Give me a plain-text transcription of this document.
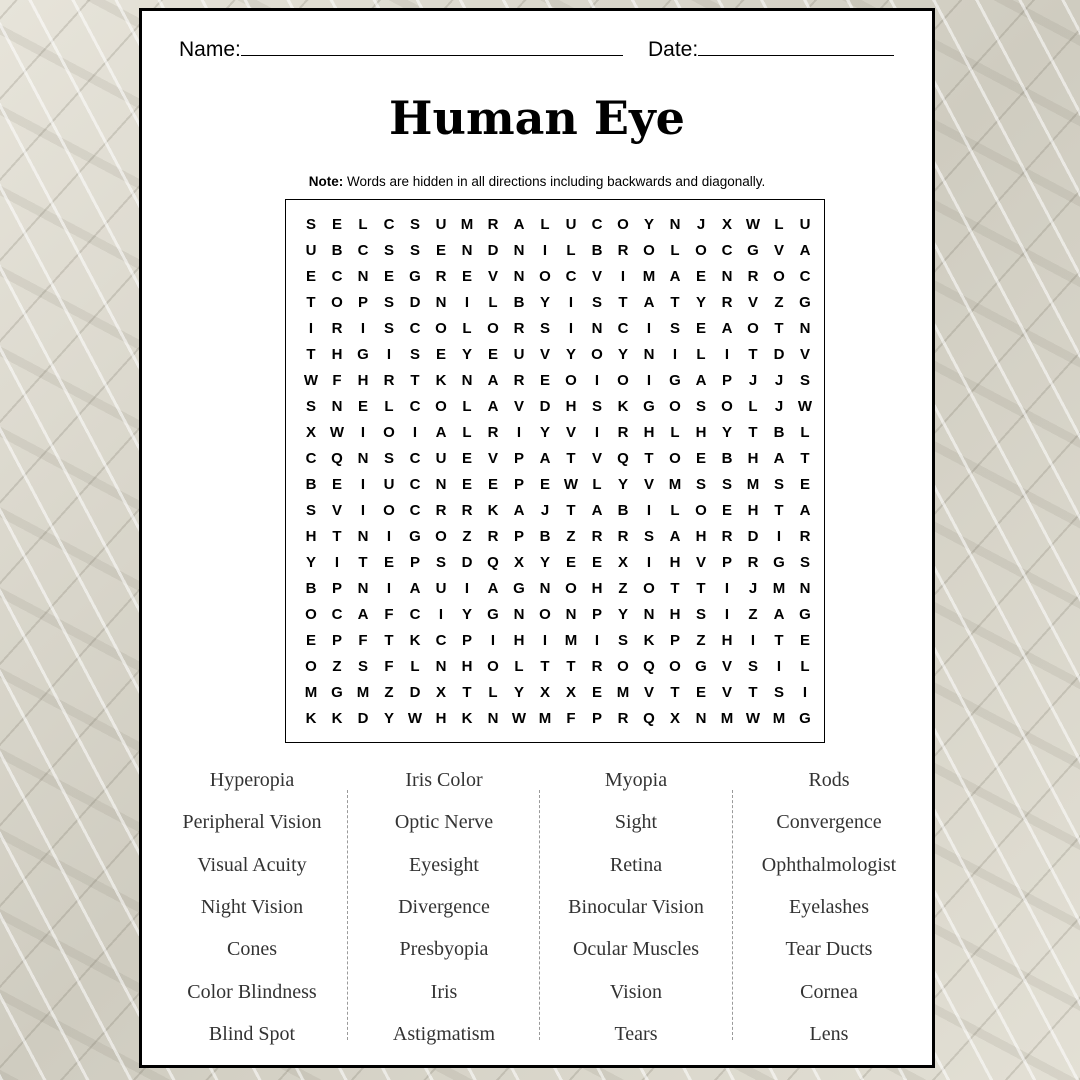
Name:	Date:
Human Eye
Note: Words are hidden in all directions including backwards and diagonally.
S	E	L	C	S	U M R	A	L	U	C O	Y	N	J	X W L	U
U	B	C	S	S	E	N	D	N	I	L	B	R O	L	O C G	V	A
E	C	N	E	G R	E	V	N O C	V	I	M A	E	N	R O C
T	O	P	S	D	N	I	L	B	Y	I	S	T	A	T	Y	R	V	Z	G
I	R	I	S	C O	L	O R	S	I	N	C	I	S	E	A O	T	N
T	H G	I	S	E	Y	E	U	V	Y	O	Y	N	I	L	I	T	D	V
W F	H	R	T	K	N	A	R	E	O	I	O	I	G A	P	J	J	S
S	N	E	L	C O	L	A	V	D	H	S	K G O	S	O	L	J W
X W	I	O	I	A	L	R	I	Y	V	I	R	H	L	H	Y	T	B	L
C Q N	S	C	U	E	V	P	A	T	V	Q	T	O	E	B	H	A	T
B	E	I	U	C	N	E	E	P	E W L	Y	V M S	S M S	E
S	V	I	O C	R	R	K	A	J	T	A	B	I	L	O	E	H	T	A
H	T	N	I	G O	Z	R	P	B	Z	R	R	S	A	H	R	D	I	R
Y	I	T	E	P	S	D Q	X	Y	E	E	X	I	H	V	P	R G	S
B	P	N	I	A	U	I	A G N O H	Z	O	T	T	I	J	M N
O C	A	F	C	I	Y	G N O N	P	Y	N	H	S	I	Z	A G
E	P	F	T	K	C	P	I	H	I	M	I	S	K	P	Z	H	I	T	E
O	Z	S	F	L	N	H O	L	T	T	R O Q O G	V	S	I	L
M G M	Z	D	X	T	L	Y	X	X	E M V	T	E	V	T	S	I
K	K	D	Y W H	K	N W M	F	P	R Q	X	N M W M G
Hyperopia
Peripheral Vision
Visual Acuity
Night Vision
Cones
Color Blindness
Blind Spot
Iris Color
Optic Nerve
Eyesight
Divergence
Presbyopia
Iris
Astigmatism
Myopia
Sight
Retina
Binocular Vision
Ocular Muscles
Vision
Tears
Rods
Convergence
Ophthalmologist
Eyelashes
Tear Ducts
Cornea
Lens
